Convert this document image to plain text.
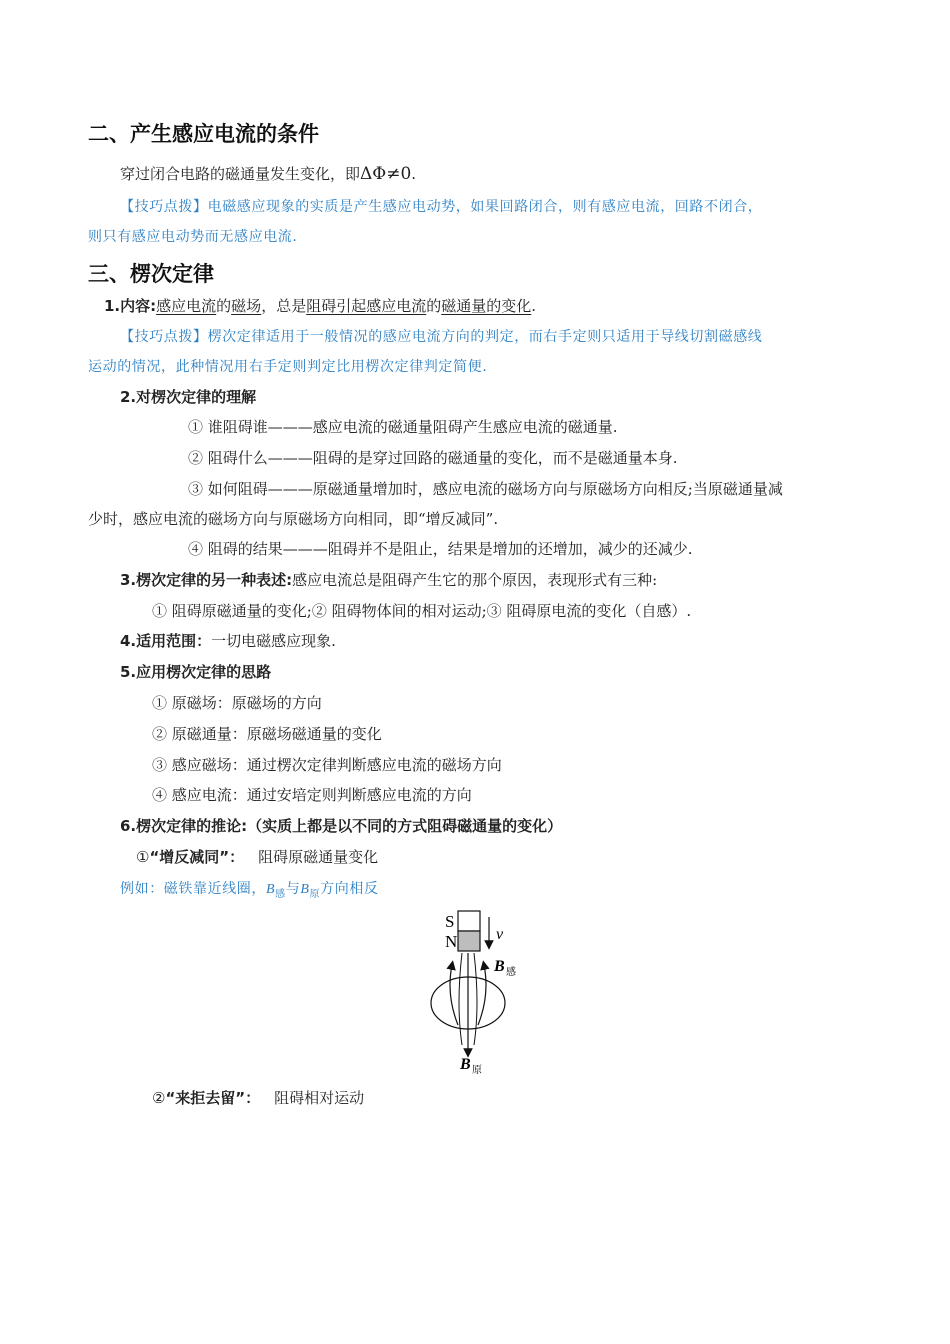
二、产生感应电流的条件
穿过闭合电路的磁通量发生变化，即ΔΦ≠0.
【技巧点拨】电磁感应现象的实质是产生感应电动势，如果回路闭合，则有感应电流，回路不闭合，
则只有感应电动势而无感应电流.
三、楞次定律
1.内容:感应电流的磁场，总是阻碍引起感应电流的磁通量的变化.
【技巧点拨】楞次定律适用于一般情况的感应电流方向的判定，而右手定则只适用于导线切割磁感线
运动的情况，此种情况用右手定则判定比用楞次定律判定简便.
2.对楞次定律的理解
① 谁阻碍谁———感应电流的磁通量阻碍产生感应电流的磁通量.
② 阻碍什么———阻碍的是穿过回路的磁通量的变化，而不是磁通量本身.
③ 如何阻碍———原磁通量增加时，感应电流的磁场方向与原磁场方向相反;当原磁通量减
少时，感应电流的磁场方向与原磁场方向相同，即“增反减同”.
④ 阻碍的结果———阻碍并不是阻止，结果是增加的还增加，减少的还减少.
3.楞次定律的另一种表述:感应电流总是阻碍产生它的那个原因，表现形式有三种:
① 阻碍原磁通量的变化;② 阻碍物体间的相对运动;③ 阻碍原电流的变化（自感）.
4.适用范围：一切电磁感应现象.
5.应用楞次定律的思路
① 原磁场：原磁场的方向
② 原磁通量：原磁场磁通量的变化
③ 感应磁场：通过楞次定律判断感应电流的磁场方向
④ 感应电流：通过安培定则判断感应电流的方向
6.楞次定律的推论:（实质上都是以不同的方式阻碍磁通量的变化）
①“增反减同”： 阻碍原磁通量变化
例如：磁铁靠近线圈，$B_感$与$B_原$方向相反
S
N v
B 感
B 原
②“来拒去留”： 阻碍相对运动
